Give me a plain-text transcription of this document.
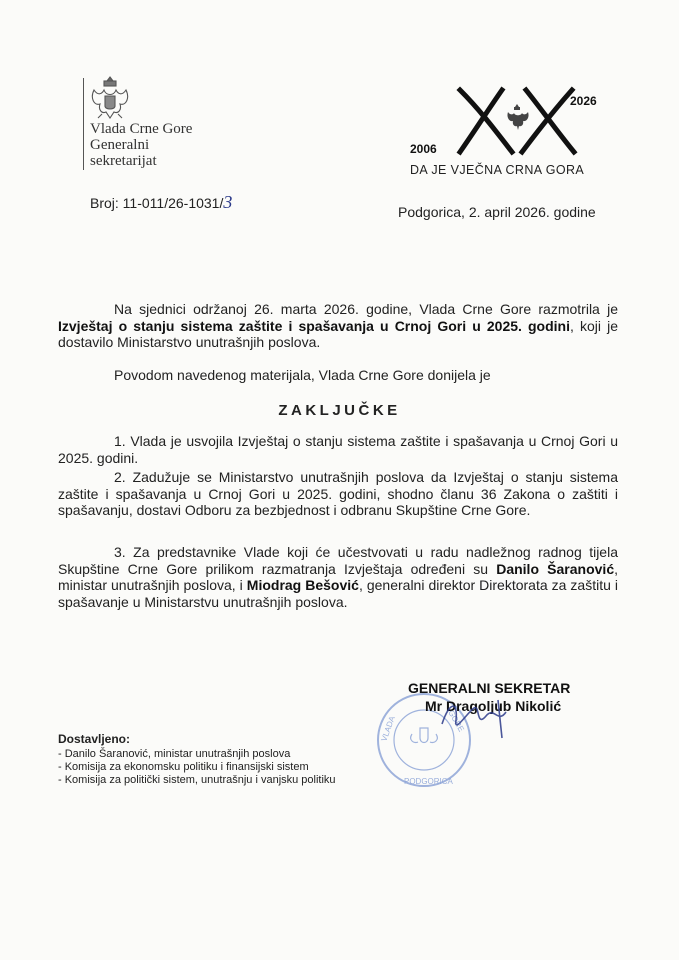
Vlada Crne Gore
Generalni
sekretarijat
2006
2026
DA JE VJEČNA CRNA GORA
Broj: 11-011/26-1031/3	Podgorica, 2. april 2026. godine
Na sjednici održanoj 26. marta 2026. godine, Vlada Crne Gore razmotrila je Izvještaj o stanju sistema zaštite i spašavanja u Crnoj Gori u 2025. godini, koji je dostavilo Ministarstvo unutrašnjih poslova.
Povodom navedenog materijala, Vlada Crne Gore donijela je
ZAKLJUČKE
1. Vlada je usvojila Izvještaj o stanju sistema zaštite i spašavanja u Crnoj Gori u 2025. godini.
2. Zadužuje se Ministarstvo unutrašnjih poslova da Izvještaj o stanju sistema zaštite i spašavanja u Crnoj Gori u 2025. godini, shodno članu 36 Zakona o zaštiti i spašavanju, dostavi Odboru za bezbjednost i odbranu Skupštine Crne Gore.
3. Za predstavnike Vlade koji će učestvovati u radu nadležnog radnog tijela Skupštine Crne Gore prilikom razmatranja Izvještaja određeni su Danilo Šaranović, ministar unutrašnjih poslova, i Miodrag Bešović, generalni direktor Direktorata za zaštitu i spašavanje u Ministarstvu unutrašnjih poslova.
VLADA	GORE
PODGORICA
GENERALNI SEKRETAR
Mr Dragoljub Nikolić
Dostavljeno:
- Danilo Šaranović, ministar unutrašnjih poslova
- Komisija za ekonomsku politiku i finansijski sistem
- Komisija za politički sistem, unutrašnju i vanjsku politiku
